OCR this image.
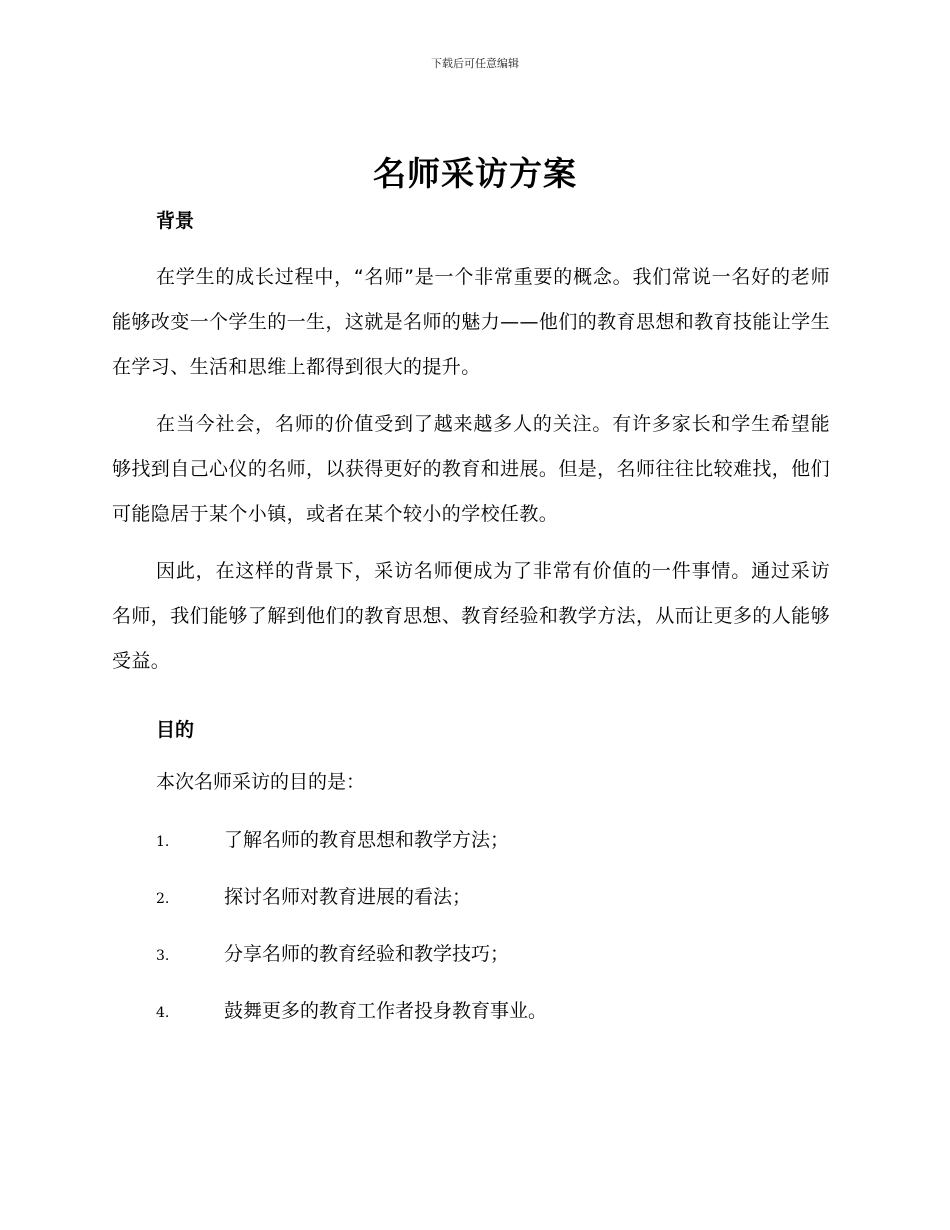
下载后可任意编辑
名师采访方案

背景

在学生的成长过程中，“名师”是一个非常重要的概念。我们常说一名好的老师能够改变一个学生的一生，这就是名师的魅力——他们的教育思想和教育技能让学生在学习、生活和思维上都得到很大的提升。

在当今社会，名师的价值受到了越来越多人的关注。有许多家长和学生希望能够找到自己心仪的名师，以获得更好的教育和进展。但是，名师往往比较难找，他们可能隐居于某个小镇，或者在某个较小的学校任教。

因此，在这样的背景下，采访名师便成为了非常有价值的一件事情。通过采访名师，我们能够了解到他们的教育思想、教育经验和教学方法，从而让更多的人能够受益。

目的

本次名师采访的目的是：

1.	了解名师的教育思想和教学方法；
2.	探讨名师对教育进展的看法；
3.	分享名师的教育经验和教学技巧；
4.	鼓舞更多的教育工作者投身教育事业。
